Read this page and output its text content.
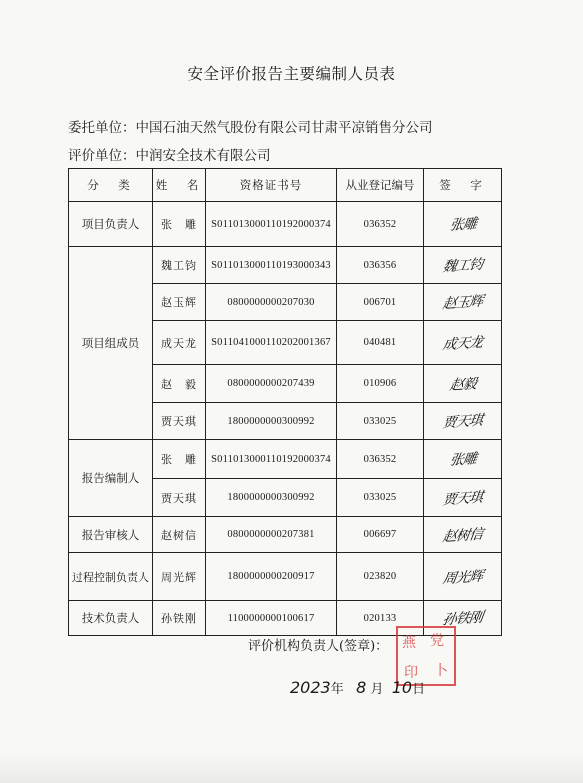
安全评价报告主要编制人员表
委托单位：中国石油天然气股份有限公司甘肃平凉销售分公司
评价单位：中润安全技术有限公司
分　类	姓　名	资格证书号	从业登记编号	签　字
项目负责人	张　雕	S011013000110192000374	036352	张雕
项目组成员	魏工钧	S011013000110193000343	036356	魏工钧
	赵玉辉	0800000000207030	006701	赵玉辉
	成天龙	S011041000110202001367	040481	成天龙
	赵　毅	0800000000207439	010906	赵毅
	贾天琪	1800000000300992	033025	贾天琪
报告编制人	张　雕	S011013000110192000374	036352	张雕
	贾天琪	1800000000300992	033025	贾天琪
报告审核人	赵树信	0800000000207381	006697	赵树信
过程控制负责人	周光辉	1800000000200917	023820	周光辉
技术负责人	孙铁刚	1100000000100617	020133	孙铁刚
评价机构负责人(签章)： 燕 党
印 卜
2023年 8 月 10日
